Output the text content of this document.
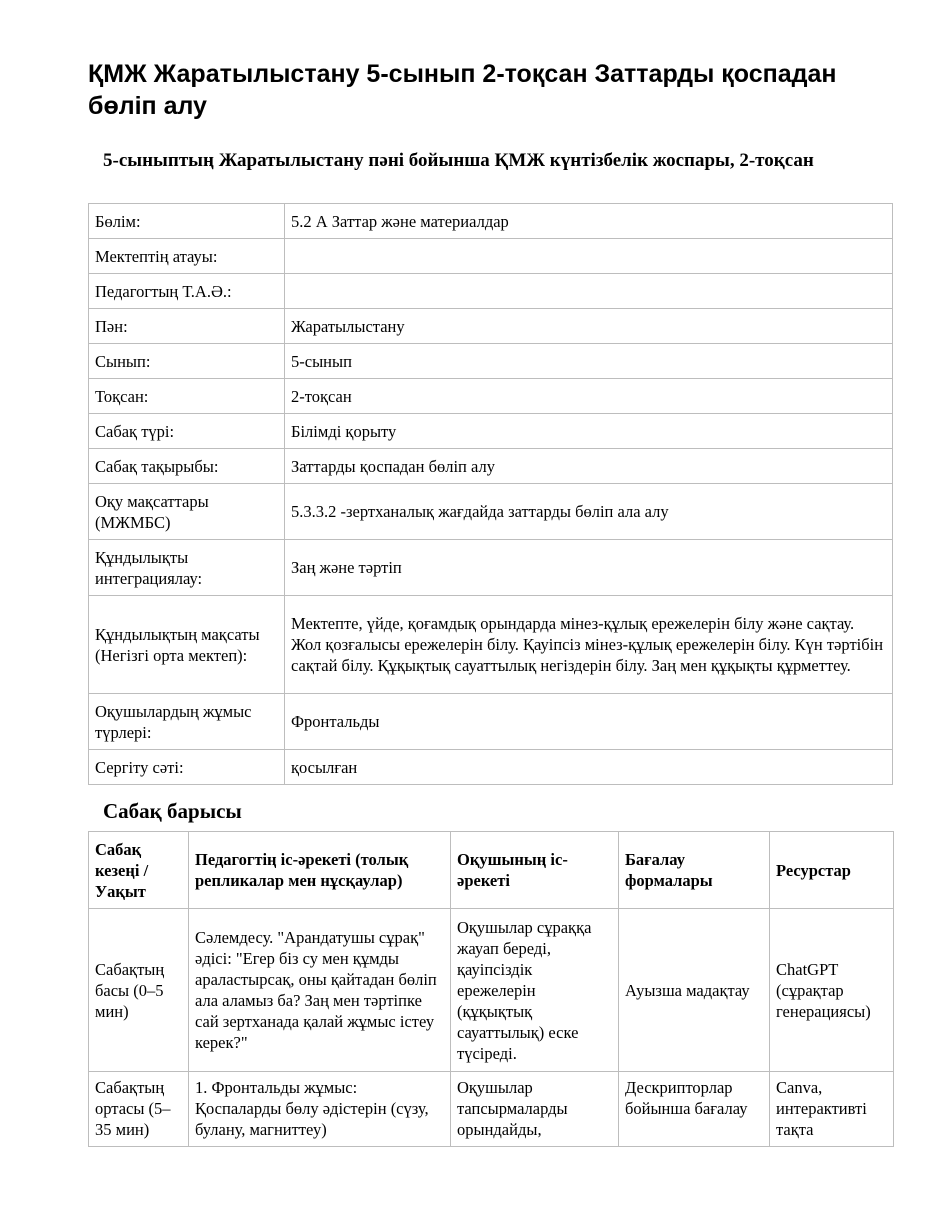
ҚМЖ Жаратылыстану 5-сынып 2-тоқсан Заттарды қоспадан бөліп алу
5-сыныптың Жаратылыстану пәні бойынша ҚМЖ күнтізбелік жоспары, 2-тоқсан
Бөлім:	5.2 А Заттар және материалдар
Мектептің атауы:	
Педагогтың Т.А.Ә.:	
Пән:	Жаратылыстану
Сынып:	5-сынып
Тоқсан:	2-тоқсан
Сабақ түрі:	Білімді қорыту
Сабақ тақырыбы:	Заттарды қоспадан бөліп алу
Оқу мақсаттары (МЖМБС)	5.3.3.2 -зертханалық жағдайда заттарды бөліп ала алу
Құндылықты интеграциялау:	Заң және тәртіп
Құндылықтың мақсаты (Негізгі орта мектеп):	Мектепте, үйде, қоғамдық орындарда мінез-құлық ережелерін білу және сақтау. Жол қозғалысы ережелерін білу. Қауіпсіз мінез-құлық ережелерін білу. Күн тәртібін сақтай білу. Құқықтық сауаттылық негіздерін білу. Заң мен құқықты құрметтеу.
Оқушылардың жұмыс түрлері:	Фронтальды
Сергіту сәті:	қосылған
Сабақ барысы
Сабақ кезеңі / Уақыт	Педагогтің іс-әрекеті (толық репликалар мен нұсқаулар)	Оқушының іс-әрекеті	Бағалау формалары	Ресурстар
Сабақтың басы (0–5 мин)	Сәлемдесу. "Арандатушы сұрақ" әдісі: "Егер біз су мен құмды араластырсақ, оны қайтадан бөліп ала аламыз ба? Заң мен тәртіпке сай зертханада қалай жұмыс істеу керек?"	Оқушылар сұраққа жауап береді, қауіпсіздік ережелерін (құқықтық сауаттылық) еске түсіреді.	Ауызша мадақтау	ChatGPT (сұрақтар генерациясы)
Сабақтың ортасы (5–35 мин)	1. Фронтальды жұмыс: Қоспаларды бөлу әдістерін (сүзу, булану, магниттеу)	Оқушылар тапсырмаларды орындайды,	Дескрипторлар бойынша бағалау	Canva, интерактивті тақта
